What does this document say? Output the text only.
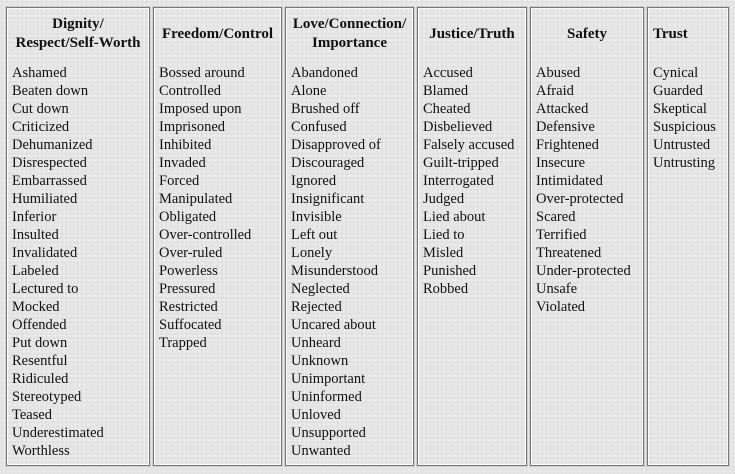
Dignity/
Respect/Self-Worth
Ashamed
Beaten down
Cut down
Criticized
Dehumanized
Disrespected
Embarrassed
Humiliated
Inferior
Insulted
Invalidated
Labeled
Lectured to
Mocked
Offended
Put down
Resentful
Ridiculed
Stereotyped
Teased
Underestimated
Worthless
Freedom/Control
Bossed around
Controlled
Imposed upon
Imprisoned
Inhibited
Invaded
Forced
Manipulated
Obligated
Over-controlled
Over-ruled
Powerless
Pressured
Restricted
Suffocated
Trapped
Love/Connection/
Importance
Abandoned
Alone
Brushed off
Confused
Disapproved of
Discouraged
Ignored
Insignificant
Invisible
Left out
Lonely
Misunderstood
Neglected
Rejected
Uncared about
Unheard
Unknown
Unimportant
Uninformed
Unloved
Unsupported
Unwanted
Justice/Truth
Accused
Blamed
Cheated
Disbelieved
Falsely accused
Guilt-tripped
Interrogated
Judged
Lied about
Lied to
Misled
Punished
Robbed
Safety
Abused
Afraid
Attacked
Defensive
Frightened
Insecure
Intimidated
Over-protected
Scared
Terrified
Threatened
Under-protected
Unsafe
Violated
Trust
Cynical
Guarded
Skeptical
Suspicious
Untrusted
Untrusting
